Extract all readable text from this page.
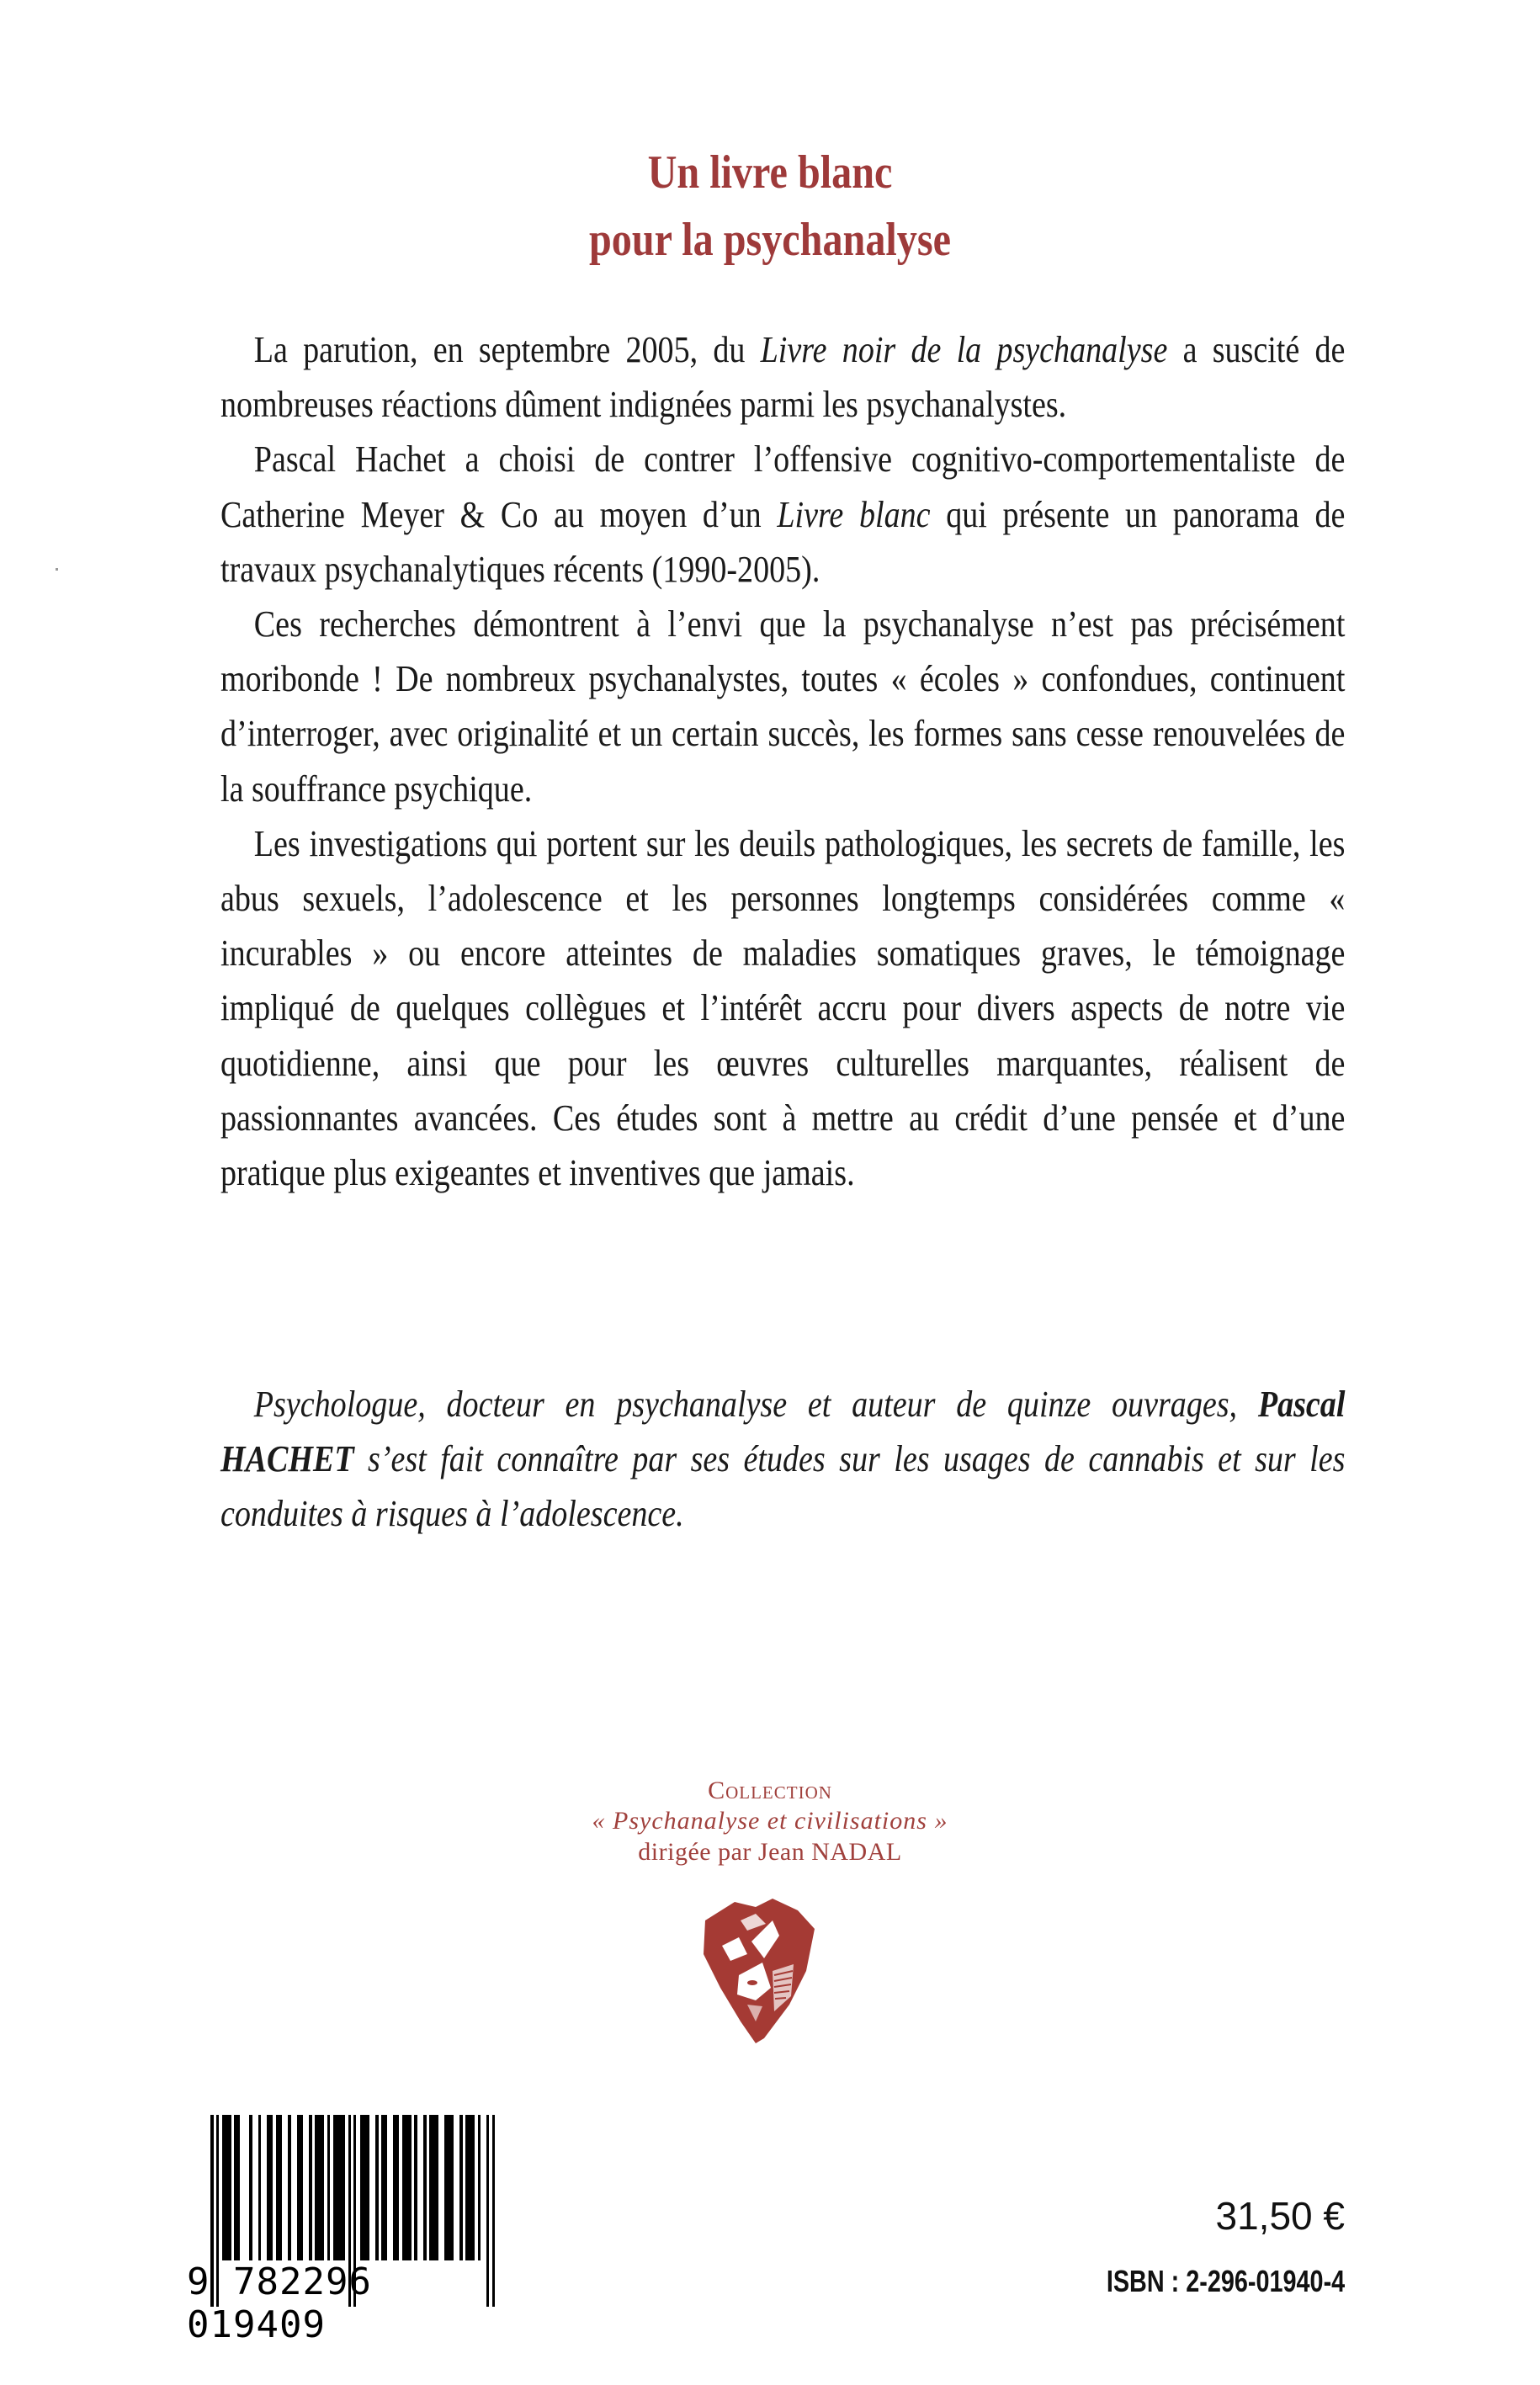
Un livre blanc
pour la psychanalyse

La parution, en septembre 2005, du Livre noir de la psychanalyse a suscité de nombreuses réactions dûment indignées parmi les psychanalystes.

Pascal Hachet a choisi de contrer l’offensive cognitivo-comportementaliste de Catherine Meyer & Co au moyen d’un Livre blanc qui présente un panorama de travaux psychanalytiques récents (1990-2005).

Ces recherches démontrent à l’envi que la psychanalyse n’est pas précisément moribonde ! De nombreux psychanalystes, toutes « écoles » confondues, continuent d’interroger, avec originalité et un certain succès, les formes sans cesse renouvelées de la souffrance psychique.

Les investigations qui portent sur les deuils pathologiques, les secrets de famille, les abus sexuels, l’adolescence et les personnes longtemps considérées comme « incurables » ou encore atteintes de maladies somatiques graves, le témoignage impliqué de quelques collègues et l’intérêt accru pour divers aspects de notre vie quotidienne, ainsi que pour les œuvres culturelles marquantes, réalisent de passionnantes avancées. Ces études sont à mettre au crédit d’une pensée et d’une pratique plus exigeantes et inventives que jamais.

Psychologue, docteur en psychanalyse et auteur de quinze ouvrages, Pascal HACHET s’est fait connaître par ses études sur les usages de cannabis et sur les conduites à risques à l’adolescence.
Collection
« Psychanalyse et civilisations »
dirigée par Jean NADAL
9 782296 019409
31,50 €
ISBN : 2-296-01940-4
